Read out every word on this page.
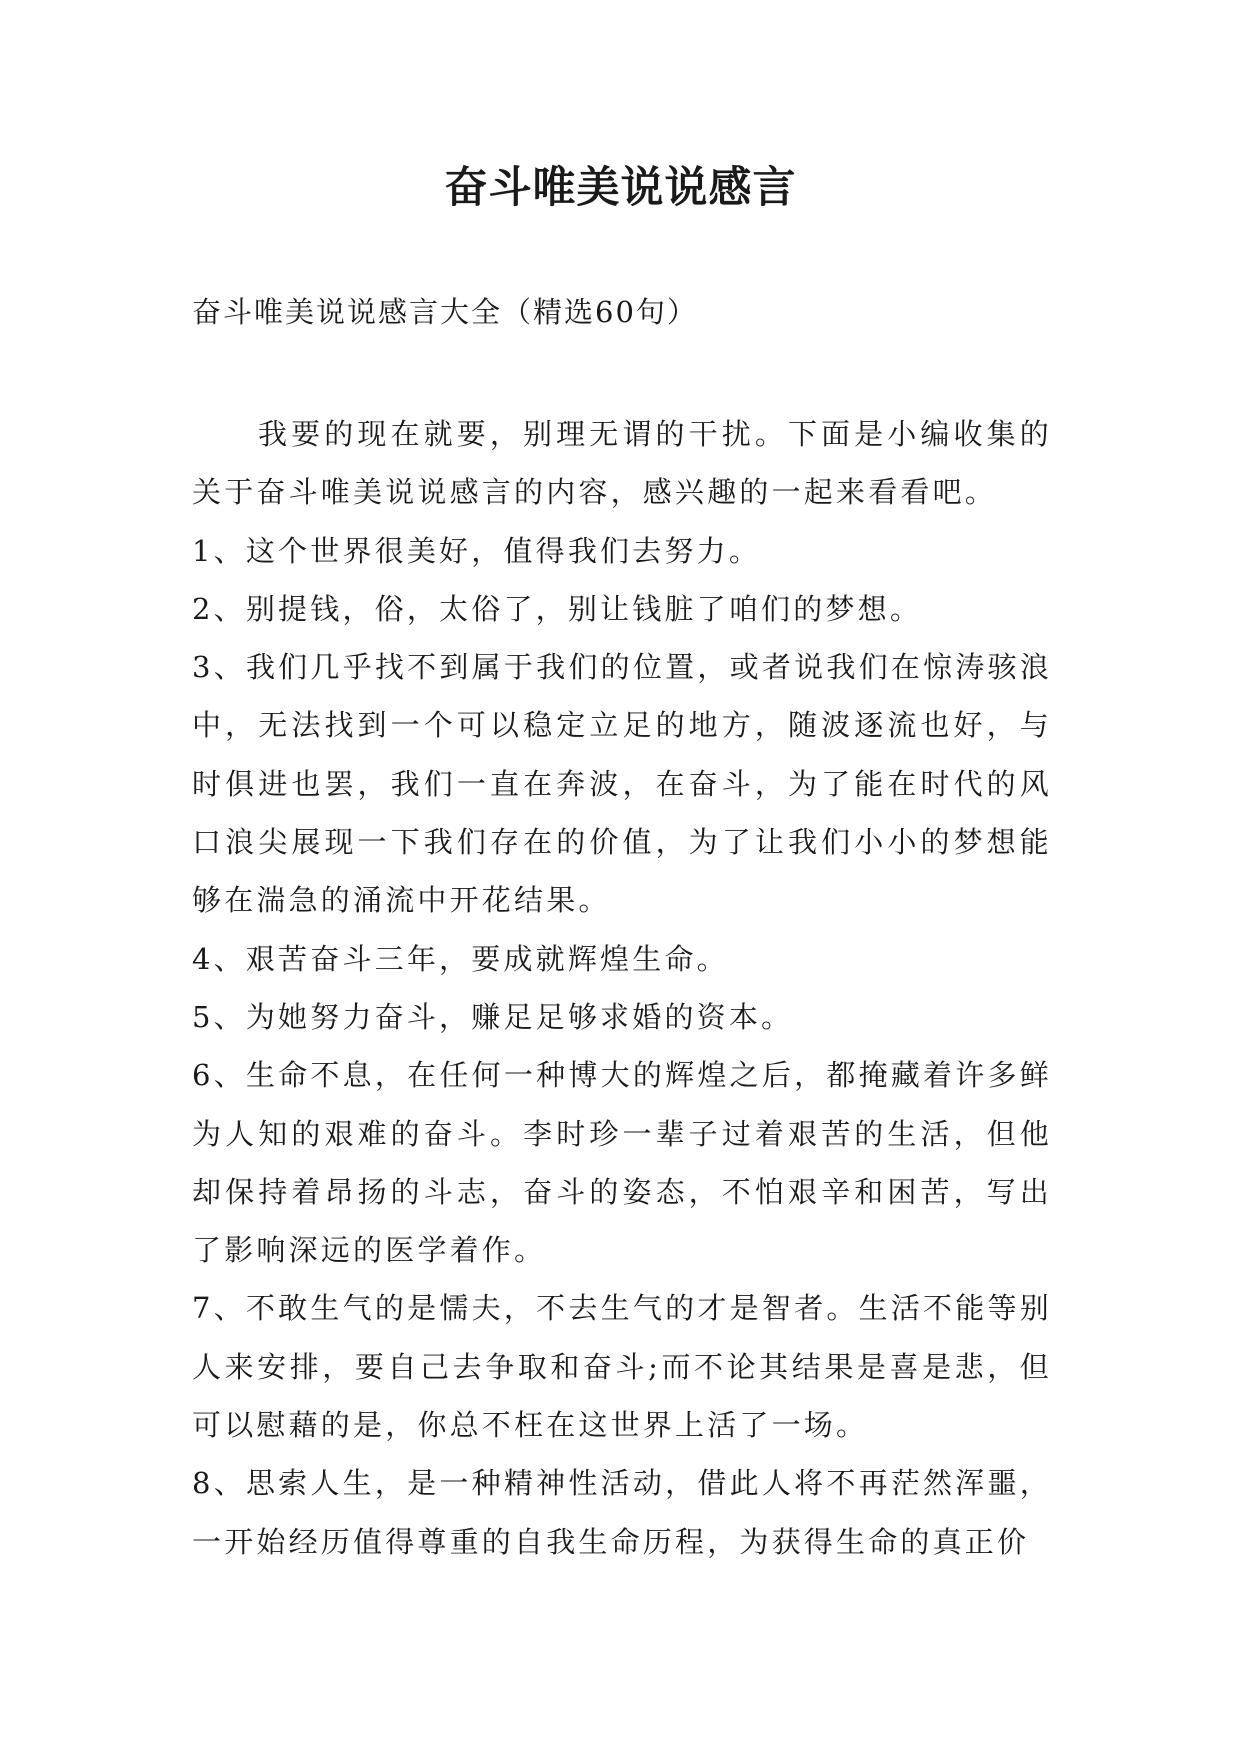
奋斗唯美说说感言
奋斗唯美说说感言大全（精选60句）

我要的现在就要，别理无谓的干扰。下面是小编收集的关于奋斗唯美说说感言的内容，感兴趣的一起来看看吧。

1、这个世界很美好，值得我们去努力。

2、别提钱，俗，太俗了，别让钱脏了咱们的梦想。

3、我们几乎找不到属于我们的位置，或者说我们在惊涛骇浪中，无法找到一个可以稳定立足的地方，随波逐流也好，与时俱进也罢，我们一直在奔波，在奋斗，为了能在时代的风口浪尖展现一下我们存在的价值，为了让我们小小的梦想能够在湍急的涌流中开花结果。

4、艰苦奋斗三年，要成就辉煌生命。

5、为她努力奋斗，赚足足够求婚的资本。

6、生命不息，在任何一种博大的辉煌之后，都掩藏着许多鲜为人知的艰难的奋斗。李时珍一辈子过着艰苦的生活，但他却保持着昂扬的斗志，奋斗的姿态，不怕艰辛和困苦，写出了影响深远的医学着作。

7、不敢生气的是懦夫，不去生气的才是智者。生活不能等别人来安排，要自己去争取和奋斗;而不论其结果是喜是悲，但可以慰藉的是，你总不枉在这世界上活了一场。

8、思索人生，是一种精神性活动，借此人将不再茫然浑噩，一开始经历值得尊重的自我生命历程，为获得生命的真正价
